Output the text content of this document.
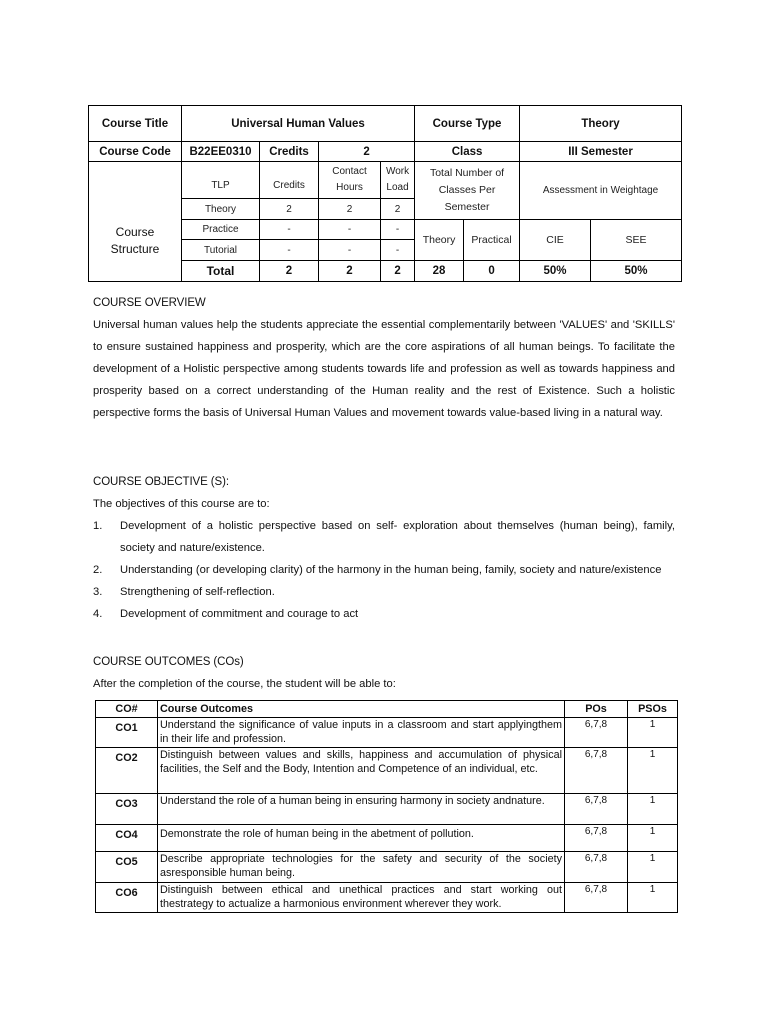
Course Title	Universal Human Values				Course Type		Theory	
Course Code	B22EE0310	Credits	2		Class		III Semester	
Course Structure	TLP	Credits	Contact Hours	Work Load	Total Number of Classes Per Semester		Assessment in Weightage	
	Theory	2	2	2				
	Practice	-	-	-	Theory	Practical	CIE	SEE
	Tutorial	-	-	-				
	Total	2	2	2	28	0	50%	50%
COURSE OVERVIEW
Universal human values help the students appreciate the essential complementarily between 'VALUES' and 'SKILLS' to ensure sustained happiness and prosperity, which are the core aspirations of all human beings. To facilitate the development of a Holistic perspective among students towards life and profession as well as towards happiness and prosperity based on a correct understanding of the Human reality and the rest of Existence. Such a holistic perspective forms the basis of Universal Human Values and movement towards value-based living in a natural way.
COURSE OBJECTIVE (S):
The objectives of this course are to:
1. Development of a holistic perspective based on self- exploration about themselves (human being), family, society and nature/existence.
2. Understanding (or developing clarity) of the harmony in the human being, family, society and nature/existence
3. Strengthening of self-reflection.
4. Development of commitment and courage to act
COURSE OUTCOMES (COs)
After the completion of the course, the student will be able to:
CO#	Course Outcomes	POs	PSOs
CO1	Understand the significance of value inputs in a classroom and start applyingthem in their life and profession.	6,7,8	1
CO2	Distinguish between values and skills, happiness and accumulation of physical facilities, the Self and the Body, Intention and Competence of an individual, etc.	6,7,8	1
CO3	Understand the role of a human being in ensuring harmony in society andnature.	6,7,8	1
CO4	Demonstrate the role of human being in the abetment of pollution.	6,7,8	1
CO5	Describe appropriate technologies for the safety and security of the society asresponsible human being.	6,7,8	1
CO6	Distinguish between ethical and unethical practices and start working out thestrategy to actualize a harmonious environment wherever they work.	6,7,8	1
